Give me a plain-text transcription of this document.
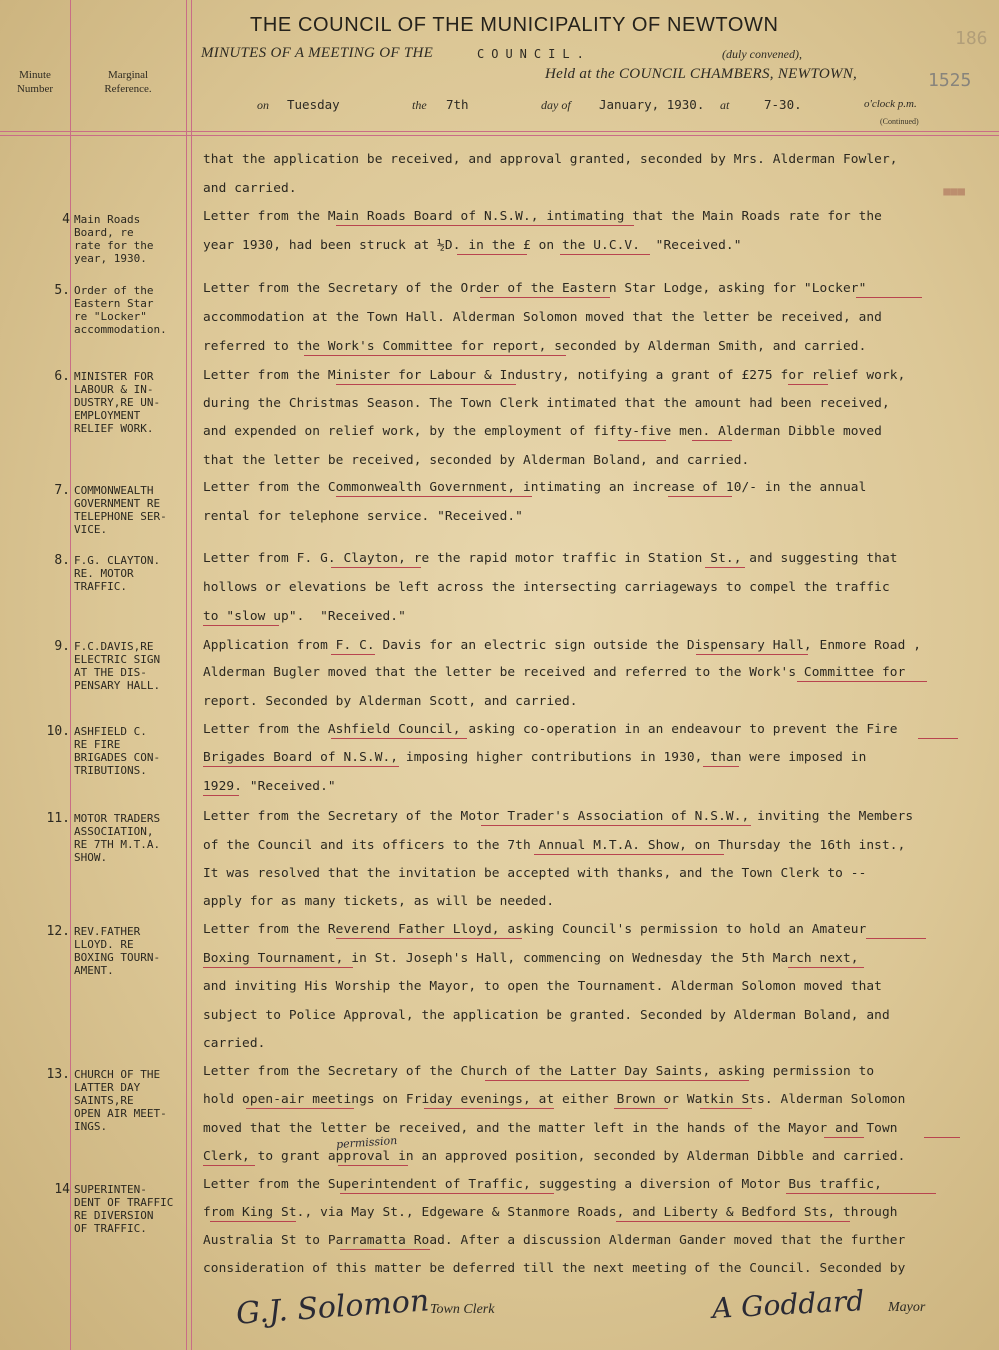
THE COUNCIL OF THE MUNICIPALITY OF NEWTOWN
MINUTES OF A MEETING OF THE	COUNCIL.	(duly convened),
Held at the COUNCIL CHAMBERS, NEWTOWN,	1525
186
on Tuesday	the 7th	day of January, 1930. at	7-30.	o'clock p.m.
(Continued)
Minute Number
Marginal Reference.
■■■
that the application be received, and approval granted, seconded by Mrs. Alderman Fowler,
and carried.
4 Main Roads
Board, re
rate for the
year, 1930.
Letter from the Main Roads Board of N.S.W., intimating that the Main Roads rate for the
year 1930, had been struck at ½D. in the £ on the U.C.V.  "Received."
5. Order of the
Eastern Star
re "Locker"
accommodation.
Letter from the Secretary of the Order of the Eastern Star Lodge, asking for "Locker"
accommodation at the Town Hall. Alderman Solomon moved that the letter be received, and
referred to the Work's Committee for report, seconded by Alderman Smith, and carried.
6. MINISTER FOR
LABOUR & IN-
DUSTRY,RE UN-
EMPLOYMENT
RELIEF WORK.
Letter from the Minister for Labour & Industry, notifying a grant of £275 for relief work,
during the Christmas Season. The Town Clerk intimated that the amount had been received,
and expended on relief work, by the employment of fifty-five men. Alderman Dibble moved
that the letter be received, seconded by Alderman Boland, and carried.
7. COMMONWEALTH
GOVERNMENT RE
TELEPHONE SER-
VICE.
Letter from the Commonwealth Government, intimating an increase of 10/- in the annual
rental for telephone service. "Received."
8. F.G. CLAYTON.
RE. MOTOR
TRAFFIC.
Letter from F. G. Clayton, re the rapid motor traffic in Station St., and suggesting that
hollows or elevations be left across the intersecting carriageways to compel the traffic
to "slow up".  "Received."
9. F.C.DAVIS,RE
ELECTRIC SIGN
AT THE DIS-
PENSARY HALL.
Application from F. C. Davis for an electric sign outside the Dispensary Hall, Enmore Road ,
Alderman Bugler moved that the letter be received and referred to the Work's Committee for
report. Seconded by Alderman Scott, and carried.
10. ASHFIELD C.
RE FIRE
BRIGADES CON-
TRIBUTIONS.
Letter from the Ashfield Council, asking co-operation in an endeavour to prevent the Fire
Brigades Board of N.S.W., imposing higher contributions in 1930, than were imposed in
1929. "Received."
11. MOTOR TRADERS
ASSOCIATION,
RE 7TH M.T.A.
SHOW.
Letter from the Secretary of the Motor Trader's Association of N.S.W., inviting the Members
of the Council and its officers to the 7th Annual M.T.A. Show, on Thursday the 16th inst.,
It was resolved that the invitation be accepted with thanks, and the Town Clerk to --
apply for as many tickets, as will be needed.
12. REV.FATHER
LLOYD. RE
BOXING TOURN-
AMENT.
Letter from the Reverend Father Lloyd, asking Council's permission to hold an Amateur
Boxing Tournament, in St. Joseph's Hall, commencing on Wednesday the 5th March next,
and inviting His Worship the Mayor, to open the Tournament. Alderman Solomon moved that
subject to Police Approval, the application be granted. Seconded by Alderman Boland, and
carried.
13. CHURCH OF THE
LATTER DAY
SAINTS,RE
OPEN AIR MEET-
INGS.
Letter from the Secretary of the Church of the Latter Day Saints, asking permission to
hold open-air meetings on Friday evenings, at either Brown or Watkin Sts. Alderman Solomon
moved that the letter be received, and the matter left in the hands of the Mayor and Town
Clerk, to grant approval in an approved position, seconded by Alderman Dibble and carried.
14 SUPERINTEN-
DENT OF TRAFFIC
RE DIVERSION
OF TRAFFIC.
Letter from the Superintendent of Traffic, suggesting a diversion of Motor Bus traffic,
from King St., via May St., Edgeware & Stanmore Roads, and Liberty & Bedford Sts, through
Australia St to Parramatta Road. After a discussion Alderman Gander moved that the further
consideration of this matter be deferred till the next meeting of the Council. Seconded by
permission
G.J. Solomon Town Clerk	A Goddard Mayor
